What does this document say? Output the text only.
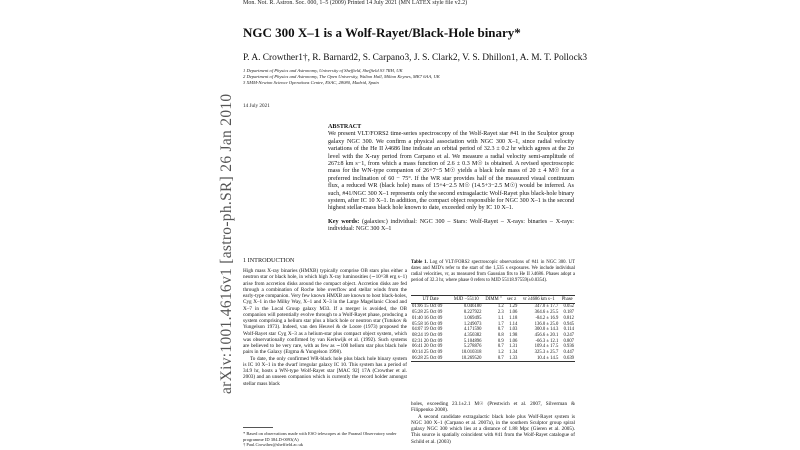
Mon. Not. R. Astron. Soc. 000, 1–5 (2009) Printed 14 July 2021 (MN LATEX style file v2.2)
arXiv:1001.4616v1 [astro-ph.SR] 26 Jan 2010
NGC 300 X–1 is a Wolf-Rayet/Black-Hole binary*
P. A. Crowther1†, R. Barnard2, S. Carpano3, J. S. Clark2, V. S. Dhillon1, A. M. T. Pollock3
1 Department of Physics and Astronomy, University of Sheffield, Sheffield S3 7RH, UK
2 Department of Physics and Astronomy, The Open University, Walton Hall, Milton Keynes, MK7 6AA, UK
3 XMM-Newton Science Operations Centre, ESAC, 28080, Madrid, Spain
14 July 2021
ABSTRACT
We present VLT/FORS2 time-series spectroscopy of the Wolf-Rayet star #41 in the Sculptor group galaxy NGC 300. We confirm a physical association with NGC 300 X–1, since radial velocity variations of the He II λ4686 line indicate an orbital period of 32.3 ± 0.2 hr which agrees at the 2σ level with the X-ray period from Carpano et al. We measure a radial velocity semi-amplitude of 267±8 km s−1, from which a mass function of 2.6 ± 0.3 M☉ is obtained. A revised spectroscopic mass for the WN-type companion of 26+7−5 M☉ yields a black hole mass of 20 ± 4 M☉ for a preferred inclination of 60 − 75°. If the WR star provides half of the measured visual continuum flux, a reduced WR (black hole) mass of 15+4−2.5 M☉ (14.5+3−2.5 M☉) would be inferred. As such, #41/NGC 300 X–1 represents only the second extragalactic Wolf-Rayet plus black-hole binary system, after IC 10 X–1. In addition, the compact object responsible for NGC 300 X–1 is the second highest stellar-mass black hole known to date, exceeded only by IC 10 X–1.
Key words: (galaxies:) individual: NGC 300 – Stars: Wolf-Rayet – X-rays: binaries – X-rays: individual: NGC 300 X–1
1 INTRODUCTION

High mass X-ray binaries (HMXB) typically comprise OB stars plus either a neutron star or black hole, in which high X-ray luminosities (∼10^38 erg s−1) arise from accretion disks around the compact object. Accretion disks are fed through a combination of Roche lobe overflow and stellar winds from the early-type companion. Very few known HMXB are known to host black-holes, Cyg X–1 in the Milky Way, X–1 and X–3 in the Large Magellanic Cloud and X–7 in the Local Group galaxy M33. If a merger is avoided, the OB companion will potentially evolve through to a Wolf-Rayet phase, producing a system comprising a helium star plus a black hole or neutron star (Tutukov & Yungelson 1973). Indeed, van den Heuvel & de Loore (1973) proposed the Wolf-Rayet star Cyg X–3 as a helium-star plus compact object system, which was observationally confirmed by van Kerkwijk et al. (1992). Such systems are believed to be very rare, with as few as ∼100 helium star plus black hole pairs in the Galaxy (Ergma & Yungelson 1998).

To date, the only confirmed WR-black hole plus black hole binary system is IC 10 X–1 in the dwarf irregular galaxy IC 10. This system has a period of 34.9 hr, hosts a WN-type Wolf-Rayet star [MAC 92] 17A (Crowther et al. 2003) and an unseen companion which is currently the record holder amongst stellar mass black

* Based on observations made with ESO telescopes at the Paranal Observatory under programme ID 384.D-0093(A)
† Paul.Crowther@sheffield.ac.uk
Table 1. Log of VLT/FORS2 spectroscopic observations of #41 in NGC 300. UT dates and MJD's refer to the start of the 1,535 s exposures. We include individual radial velocities, vr, as measured from Gaussian fits to He II λ4686. Phases adopt a period of 32.3 hr, where phase 0 refers to MJD 55118.97559(±0.0354).
UT Date	MJD −55110	DIMM ″	sec z	vr λ4686 km s−1	Phase
01:06 15 Oct 09	0.046180	1.2	1.29	347.0 ± 17.7	0.052
05:28 25 Oct 09	0.227922	2.3	1.06	364.6 ± 25.5	0.187
01:40 16 Oct 09	1.069495	1.1	1.18	-84.2 ± 16.9	0.812
05:58 16 Oct 09	1.249073	1.7	1.14	136.0 ± 25.0	0.945
04:07 19 Oct 09	4.171590	0.7	1.03	300.0 ± 14.3	0.114
08:24 19 Oct 09	4.350382	0.8	1.98	456.6 ± 20.1	0.247
02:31 20 Oct 09	5.104896	0.9	1.06	-66.3 ± 12.1	0.807
06:41 20 Oct 09	5.278876	0.7	1.31	109.4 ± 17.5	0.936
00:14 25 Oct 09	10.010318	1.2	1.34	325.3 ± 25.7	0.447
06:28 25 Oct 09	10.269520	0.7	1.33	10.4 ± 14.5	0.639

holes, exceeding 23.1±2.1 M☉ (Prestwich et al. 2007, Silverman & Filippenko 2008).

A second candidate extragalactic black hole plus Wolf-Rayet system is NGC 300 X–1 (Carpano et al. 2007a), in the southern Sculptor group spiral galaxy NGC 300 which lies at a distance of 1.88 Mpc (Gieren et al. 2005). This source is spatially coincident with #41 from the Wolf-Rayet catalogue of Schild et al. (2003)
